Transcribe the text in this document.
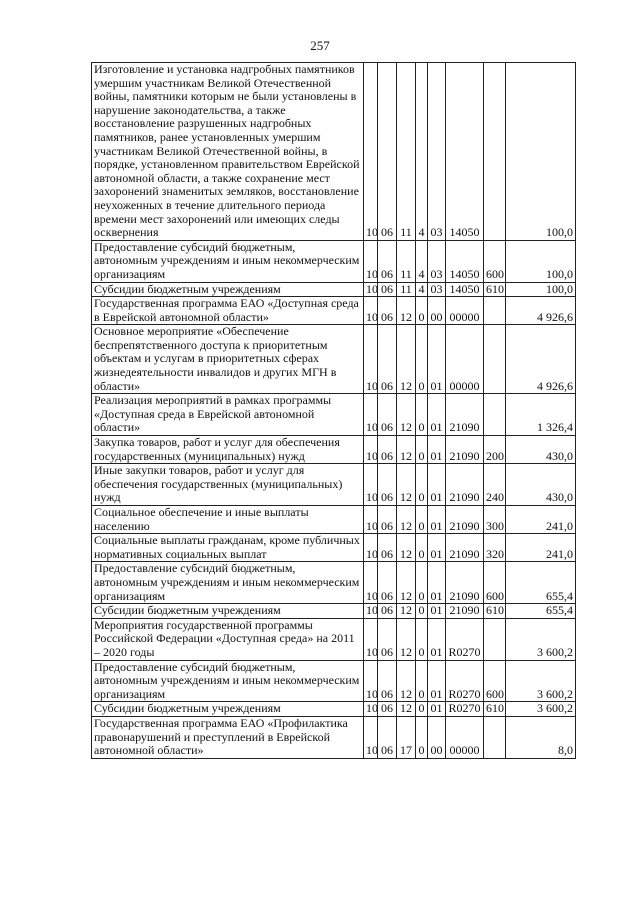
257
Изготовление и установка надгробных памятников умершим участникам Великой Отечественной войны, памятники которым не были установлены в нарушение законодательства, а также восстановление разрушенных надгробных памятников, ранее установленных умершим участникам Великой Отечественной войны, в порядке, установленном правительством Еврейской автономной области, а также сохранение мест захоронений знаменитых земляков, восстановление неухоженных в течение длительного периода времени мест захоронений или имеющих следы осквернения	10	06	11	4	03	14050		100,0
Предоставление субсидий бюджетным, автономным учреждениям и иным некоммерческим организациям	10	06	11	4	03	14050	600	100,0
Субсидии бюджетным учреждениям	10	06	11	4	03	14050	610	100,0
Государственная программа ЕАО «Доступная среда в Еврейской автономной области»	10	06	12	0	00	00000		4 926,6
Основное мероприятие «Обеспечение беспрепятственного доступа к приоритетным объектам и услугам в приоритетных сферах жизнедеятельности инвалидов и других МГН в области»	10	06	12	0	01	00000		4 926,6
Реализация мероприятий в рамках программы «Доступная среда в Еврейской автономной области»	10	06	12	0	01	21090		1 326,4
Закупка товаров, работ и услуг для обеспечения государственных (муниципальных) нужд	10	06	12	0	01	21090	200	430,0
Иные закупки товаров, работ и услуг для обеспечения государственных (муниципальных) нужд	10	06	12	0	01	21090	240	430,0
Социальное обеспечение и иные выплаты населению	10	06	12	0	01	21090	300	241,0
Социальные выплаты гражданам, кроме публичных нормативных социальных выплат	10	06	12	0	01	21090	320	241,0
Предоставление субсидий бюджетным, автономным учреждениям и иным некоммерческим организациям	10	06	12	0	01	21090	600	655,4
Субсидии бюджетным учреждениям	10	06	12	0	01	21090	610	655,4
Мероприятия государственной программы Российской Федерации «Доступная среда» на 2011 – 2020 годы	10	06	12	0	01	R0270		3 600,2
Предоставление субсидий бюджетным, автономным учреждениям и иным некоммерческим организациям	10	06	12	0	01	R0270	600	3 600,2
Субсидии бюджетным учреждениям	10	06	12	0	01	R0270	610	3 600,2
Государственная программа ЕАО «Профилактика правонарушений и преступлений в Еврейской автономной области»	10	06	17	0	00	00000		8,0
